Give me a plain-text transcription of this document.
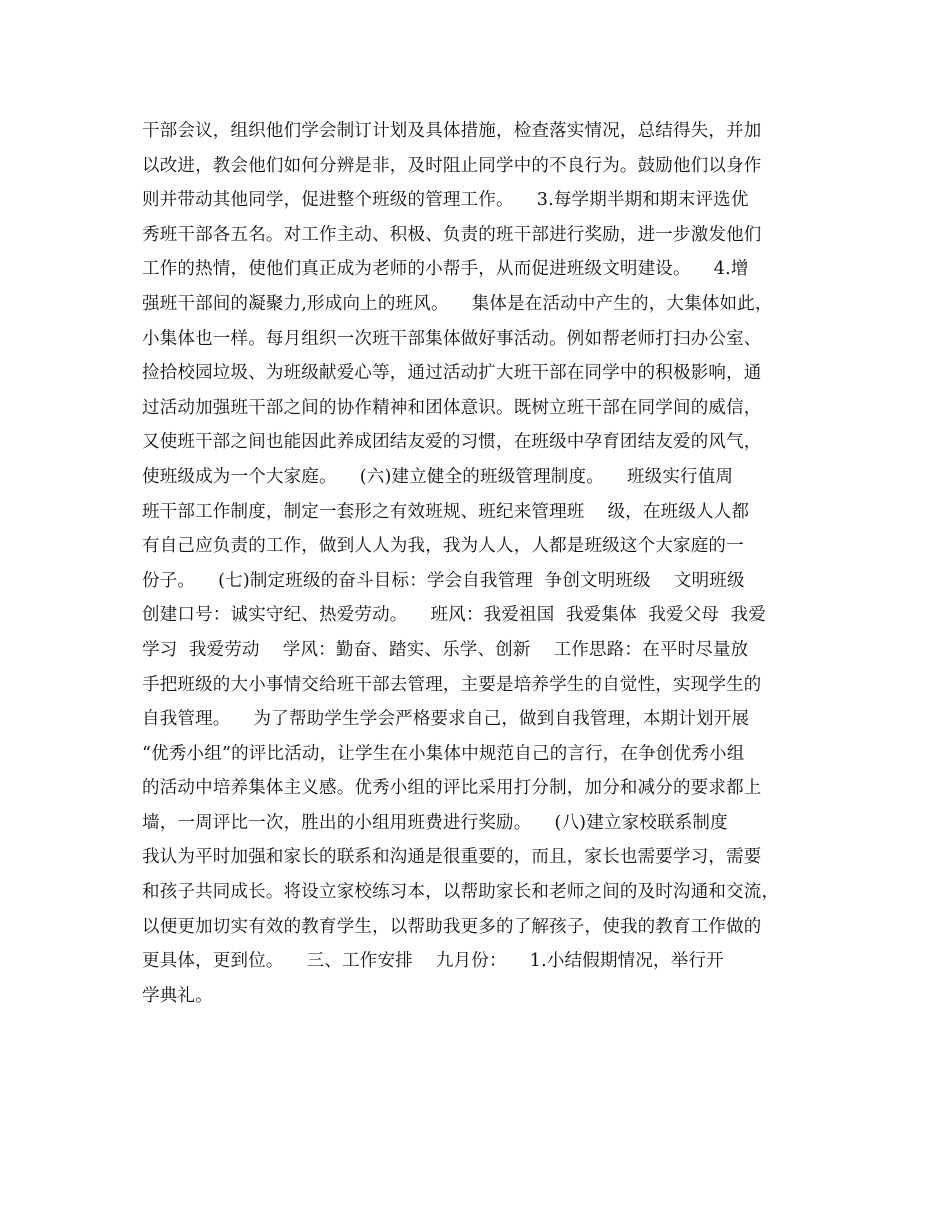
干部会议，组织他们学会制订计划及具体措施，检查落实情况，总结得失，并加
以改进，教会他们如何分辨是非，及时阻止同学中的不良行为。鼓励他们以身作
则并带动其他同学，促进整个班级的管理工作。    3.每学期半期和期末评选优
秀班干部各五名。对工作主动、积极、负责的班干部进行奖励，进一步激发他们
工作的热情，使他们真正成为老师的小帮手，从而促进班级文明建设。    4.增
强班干部间的凝聚力,形成向上的班风。    集体是在活动中产生的，大集体如此，
小集体也一样。每月组织一次班干部集体做好事活动。例如帮老师打扫办公室、
捡拾校园垃圾、为班级献爱心等，通过活动扩大班干部在同学中的积极影响，通
过活动加强班干部之间的协作精神和团体意识。既树立班干部在同学间的威信，
又使班干部之间也能因此养成团结友爱的习惯，在班级中孕育团结友爱的风气，
使班级成为一个大家庭。    (六)建立健全的班级管理制度。    班级实行值周
班干部工作制度，制定一套形之有效班规、班纪来管理班    级，在班级人人都
有自己应负责的工作，做到人人为我，我为人人，人都是班级这个大家庭的一
份子。    (七)制定班级的奋斗目标：学会自我管理  争创文明班级    文明班级
创建口号：诚实守纪、热爱劳动。    班风：我爱祖国  我爱集体  我爱父母  我爱
学习  我爱劳动    学风：勤奋、踏实、乐学、创新    工作思路：在平时尽量放
手把班级的大小事情交给班干部去管理，主要是培养学生的自觉性，实现学生的
自我管理。    为了帮助学生学会严格要求自己，做到自我管理，本期计划开展
“优秀小组”的评比活动，让学生在小集体中规范自己的言行，在争创优秀小组
的活动中培养集体主义感。优秀小组的评比采用打分制，加分和减分的要求都上
墙，一周评比一次，胜出的小组用班费进行奖励。    (八)建立家校联系制度
我认为平时加强和家长的联系和沟通是很重要的，而且，家长也需要学习，需要
和孩子共同成长。将设立家校练习本，以帮助家长和老师之间的及时沟通和交流，
以便更加切实有效的教育学生，以帮助我更多的了解孩子，使我的教育工作做的
更具体，更到位。    三、工作安排    九月份：    1.小结假期情况，举行开
学典礼。
